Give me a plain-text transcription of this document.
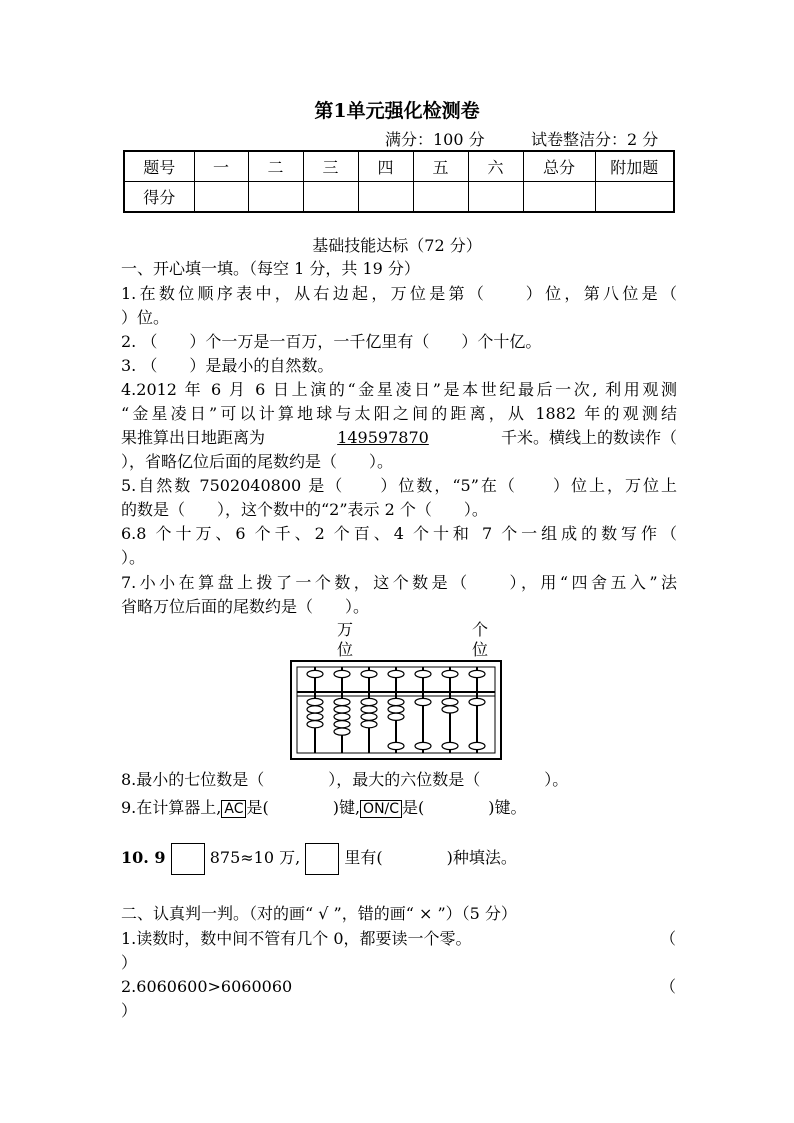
第1单元强化检测卷
满分：100 分	试卷整洁分：2 分
题号	一	二	三	四	五	六	总分	附加题
得分								
基础技能达标（72 分）
一、开心填一填。（每空 1 分，共 19 分）
1.在数位顺序表中，从右边起，万位是第（　　）位，第八位是（
）位。
2. （　　）个一万是一百万，一千亿里有（　　）个十亿。
3. （　　）是最小的自然数。
4.2012 年 6 月 6 日上演的“金星凌日”是本世纪最后一次, 利用观测
“金星凌日”可以计算地球与太阳之间的距离，从 1882 年的观测结
果推算出日地距离为	149597870	千米。横线上的数读作（
），省略亿位后面的尾数约是（　　）。
5.自然数 7502040800 是（　　）位数，“5”在（　　）位上，万位上
的数是（　　），这个数中的“2”表示 2 个（　　）。
6.8 个十万、6 个千、2 个百、4 个十和 7 个一组成的数写作（
）。
7.小小在算盘上拨了一个数，这个数是（　　），用“四舍五入”法
省略万位后面的尾数约是（　　）。
万
位
个
位
8.最小的七位数是（　　　　），最大的六位数是（　　　　）。
9.在计算器上, AC 是(　　　　)键, ON/C 是(　　　　)键。
10. 9	875≈10 万,	里有(　　　　)种填法。
二、认真判一判。（对的画“ √ ”，错的画“ × ”）（5 分）
1.读数时，数中间不管有几个 0，都要读一个零。	（
）
2.6060600>6060060	（
）
